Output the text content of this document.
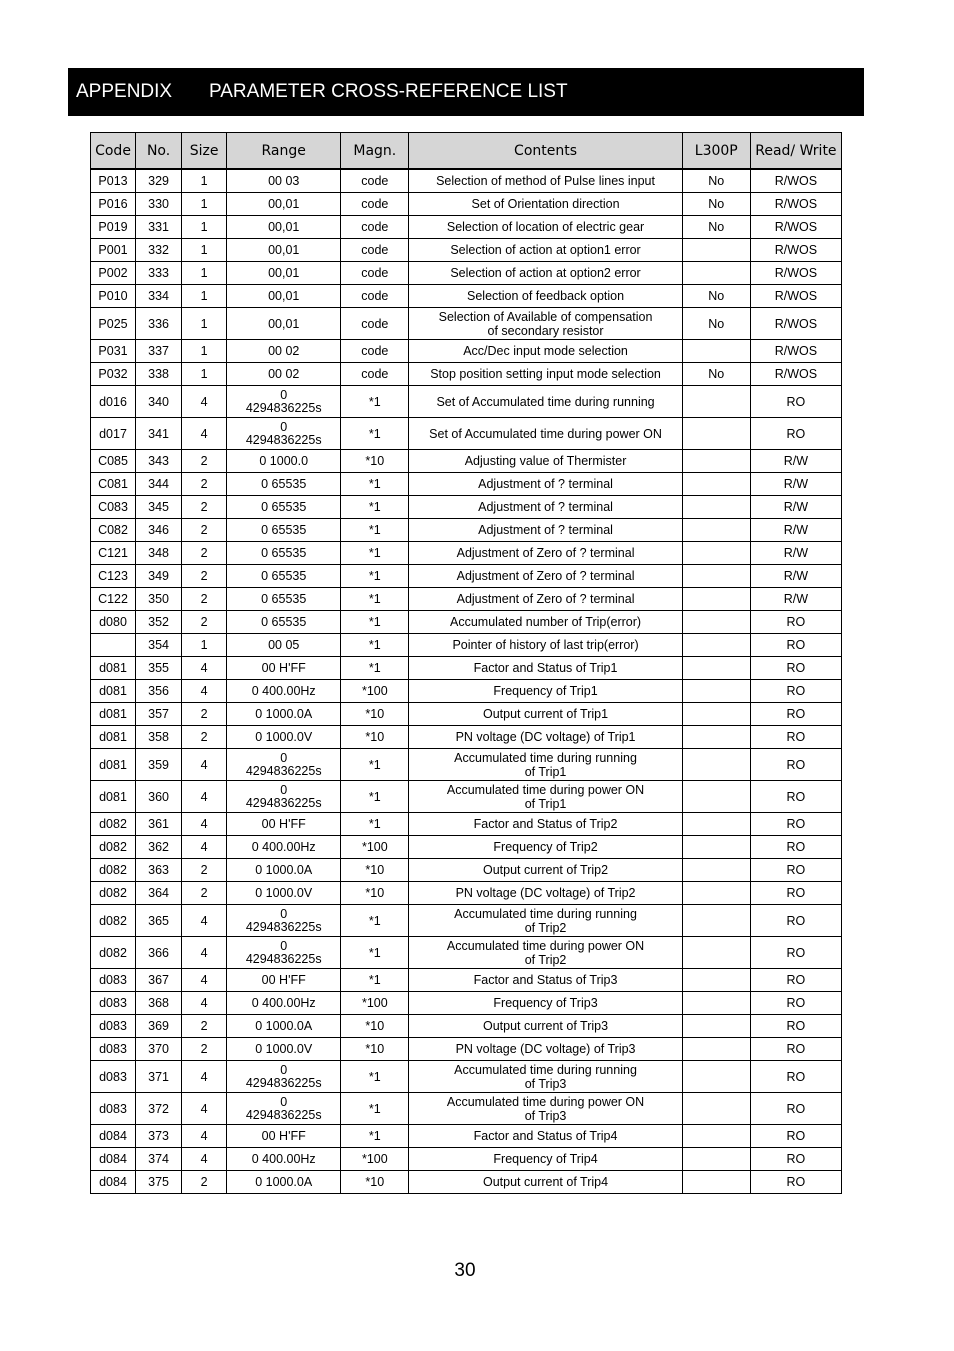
APPENDIX PARAMETER CROSS-REFERENCE LIST
Code	No.	Size	Range	Magn.	Contents	L300P	Read/ Write
P013	329	1	00 03	code	Selection of method of Pulse lines input	No	R/WOS
P016	330	1	00,01	code	Set of Orientation direction	No	R/WOS
P019	331	1	00,01	code	Selection of location of electric gear	No	R/WOS
P001	332	1	00,01	code	Selection of action at option1 error		R/WOS
P002	333	1	00,01	code	Selection of action at option2 error		R/WOS
P010	334	1	00,01	code	Selection of feedback option	No	R/WOS
P025	336	1	00,01	code	Selection of Available of compensation
of secondary resistor	No	R/WOS
P031	337	1	00 02	code	Acc/Dec input mode selection		R/WOS
P032	338	1	00 02	code	Stop position setting input mode selection	No	R/WOS
d016	340	4	0
4294836225s	*1	Set of Accumulated time during running		RO
d017	341	4	0
4294836225s	*1	Set of Accumulated time during power ON		RO
C085	343	2	0 1000.0	*10	Adjusting value of Thermister		R/W
C081	344	2	0 65535	*1	Adjustment of ? terminal		R/W
C083	345	2	0 65535	*1	Adjustment of ? terminal		R/W
C082	346	2	0 65535	*1	Adjustment of ? terminal		R/W
C121	348	2	0 65535	*1	Adjustment of Zero of ? terminal		R/W
C123	349	2	0 65535	*1	Adjustment of Zero of ? terminal		R/W
C122	350	2	0 65535	*1	Adjustment of Zero of ? terminal		R/W
d080	352	2	0 65535	*1	Accumulated number of Trip(error)		RO
	354	1	00 05	*1	Pointer of history of last trip(error)		RO
d081	355	4	00 H'FF	*1	Factor and Status of Trip1		RO
d081	356	4	0 400.00Hz	*100	Frequency of Trip1		RO
d081	357	2	0 1000.0A	*10	Output current of Trip1		RO
d081	358	2	0 1000.0V	*10	PN voltage (DC voltage) of Trip1		RO
d081	359	4	0
4294836225s	*1	Accumulated time during running
of Trip1		RO
d081	360	4	0
4294836225s	*1	Accumulated time during power ON
of Trip1		RO
d082	361	4	00 H'FF	*1	Factor and Status of Trip2		RO
d082	362	4	0 400.00Hz	*100	Frequency of Trip2		RO
d082	363	2	0 1000.0A	*10	Output current of Trip2		RO
d082	364	2	0 1000.0V	*10	PN voltage (DC voltage) of Trip2		RO
d082	365	4	0
4294836225s	*1	Accumulated time during running
of Trip2		RO
d082	366	4	0
4294836225s	*1	Accumulated time during power ON
of Trip2		RO
d083	367	4	00 H'FF	*1	Factor and Status of Trip3		RO
d083	368	4	0 400.00Hz	*100	Frequency of Trip3		RO
d083	369	2	0 1000.0A	*10	Output current of Trip3		RO
d083	370	2	0 1000.0V	*10	PN voltage (DC voltage) of Trip3		RO
d083	371	4	0
4294836225s	*1	Accumulated time during running
of Trip3		RO
d083	372	4	0
4294836225s	*1	Accumulated time during power ON
of Trip3		RO
d084	373	4	00 H'FF	*1	Factor and Status of Trip4		RO
d084	374	4	0 400.00Hz	*100	Frequency of Trip4		RO
d084	375	2	0 1000.0A	*10	Output current of Trip4		RO
30
